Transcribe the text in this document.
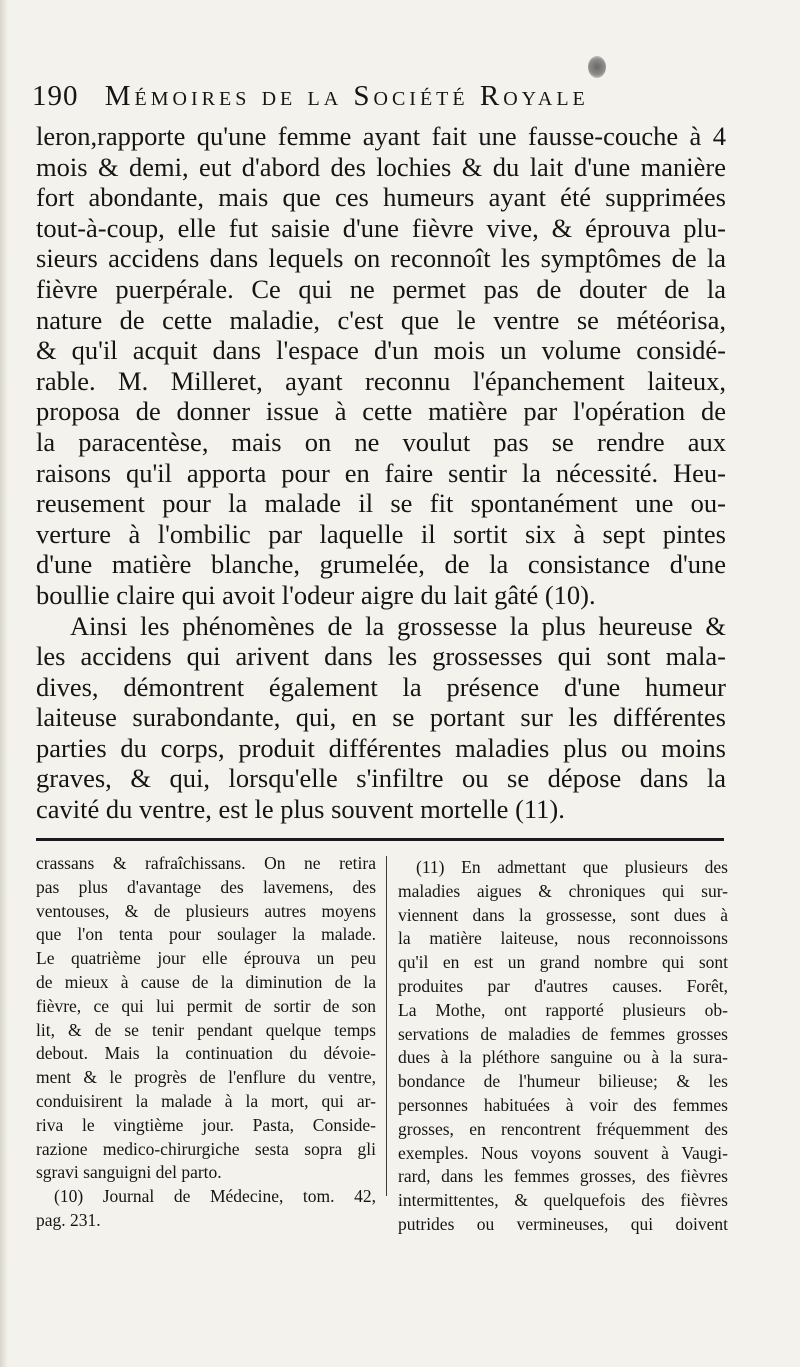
190 Mémoires de la Société Royale
leron,rapporte qu'une femme ayant fait une fausse-couche à 4
mois & demi, eut d'abord des lochies & du lait d'une manière
fort abondante, mais que ces humeurs ayant été supprimées
tout-à-coup, elle fut saisie d'une fièvre vive, & éprouva plu-
sieurs accidens dans lequels on reconnoît les symptômes de la
fièvre puerpérale. Ce qui ne permet pas de douter de la
nature de cette maladie, c'est que le ventre se météorisa,
& qu'il acquit dans l'espace d'un mois un volume considé-
rable. M. Milleret, ayant reconnu l'épanchement laiteux,
proposa de donner issue à cette matière par l'opération de
la paracentèse, mais on ne voulut pas se rendre aux
raisons qu'il apporta pour en faire sentir la nécessité. Heu-
reusement pour la malade il se fit spontanément une ou-
verture à l'ombilic par laquelle il sortit six à sept pintes
d'une matière blanche, grumelée, de la consistance d'une
boullie claire qui avoit l'odeur aigre du lait gâté (10).
Ainsi les phénomènes de la grossesse la plus heureuse &
les accidens qui arivent dans les grossesses qui sont mala-
dives, démontrent également la présence d'une humeur
laiteuse surabondante, qui, en se portant sur les différentes
parties du corps, produit différentes maladies plus ou moins
graves, & qui, lorsqu'elle s'infiltre ou se dépose dans la
cavité du ventre, est le plus souvent mortelle (11).
crassans & rafraîchissans. On ne retira
pas plus d'avantage des lavemens, des
ventouses, & de plusieurs autres moyens
que l'on tenta pour soulager la malade.
Le quatrième jour elle éprouva un peu
de mieux à cause de la diminution de la
fièvre, ce qui lui permit de sortir de son
lit, & de se tenir pendant quelque temps
debout. Mais la continuation du dévoie-
ment & le progrès de l'enflure du ventre,
conduisirent la malade à la mort, qui ar-
riva le vingtième jour. Pasta, Conside-
razione medico-chirurgiche sesta sopra gli
sgravi sanguigni del parto.
(10) Journal de Médecine, tom. 42,
pag. 231.
(11) En admettant que plusieurs des
maladies aigues & chroniques qui sur-
viennent dans la grossesse, sont dues à
la matière laiteuse, nous reconnoissons
qu'il en est un grand nombre qui sont
produites par d'autres causes. Forêt,
La Mothe, ont rapporté plusieurs ob-
servations de maladies de femmes grosses
dues à la pléthore sanguine ou à la sura-
bondance de l'humeur bilieuse; & les
personnes habituées à voir des femmes
grosses, en rencontrent fréquemment des
exemples. Nous voyons souvent à Vaugi-
rard, dans les femmes grosses, des fièvres
intermittentes, & quelquefois des fièvres
putrides ou vermineuses, qui doivent
